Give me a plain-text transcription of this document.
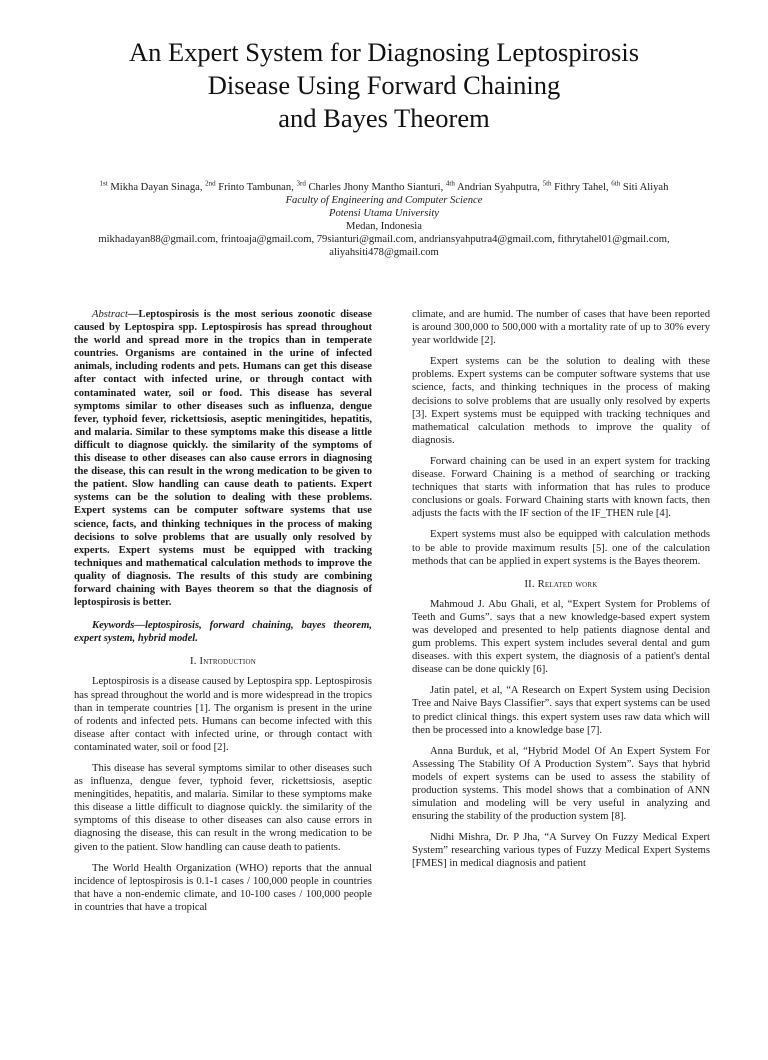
An Expert System for Diagnosing Leptospirosis
Disease Using Forward Chaining
and Bayes Theorem
$^{1st}$ Mikha Dayan Sinaga, $^{2nd}$ Frinto Tambunan, $^{3rd}$ Charles Jhony Mantho Sianturi, $^{4th}$ Andrian Syahputra, $^{5th}$ Fithry Tahel, $^{6th}$ Siti Aliyah
Faculty of Engineering and Computer Science
Potensi Utama University
Medan, Indonesia
mikhadayan88@gmail.com, frintoaja@gmail.com, 79sianturi@gmail.com, andriansyahputra4@gmail.com, fithrytahel01@gmail.com,
aliyahsiti478@gmail.com

Abstract—Leptospirosis is the most serious zoonotic disease caused by Leptospira spp. Leptospirosis has spread throughout the world and spread more in the tropics than in temperate countries. Organisms are contained in the urine of infected animals, including rodents and pets. Humans can get this disease after contact with infected urine, or through contact with contaminated water, soil or food. This disease has several symptoms similar to other diseases such as influenza, dengue fever, typhoid fever, rickettsiosis, aseptic meningitides, hepatitis, and malaria. Similar to these symptoms make this disease a little difficult to diagnose quickly. the similarity of the symptoms of this disease to other diseases can also cause errors in diagnosing the disease, this can result in the wrong medication to be given to the patient. Slow handling can cause death to patients. Expert systems can be the solution to dealing with these problems. Expert systems can be computer software systems that use science, facts, and thinking techniques in the process of making decisions to solve problems that are usually only resolved by experts. Expert systems must be equipped with tracking techniques and mathematical calculation methods to improve the quality of diagnosis. The results of this study are combining forward chaining with Bayes theorem so that the diagnosis of leptospirosis is better.

Keywords—leptospirosis, forward chaining, bayes theorem, expert system, hybrid model.

I. Introduction

Leptospirosis is a disease caused by Leptospira spp. Leptospirosis has spread throughout the world and is more widespread in the tropics than in temperate countries [1]. The organism is present in the urine of rodents and infected pets. Humans can become infected with this disease after contact with infected urine, or through contact with contaminated water, soil or food [2].

This disease has several symptoms similar to other diseases such as influenza, dengue fever, typhoid fever, rickettsiosis, aseptic meningitides, hepatitis, and malaria. Similar to these symptoms make this disease a little difficult to diagnose quickly. the similarity of the symptoms of this disease to other diseases can also cause errors in diagnosing the disease, this can result in the wrong medication to be given to the patient. Slow handling can cause death to patients.

The World Health Organization (WHO) reports that the annual incidence of leptospirosis is 0.1-1 cases / 100,000 people in countries that have a non-endemic climate, and 10-100 cases / 100,000 people in countries that have a tropical

climate, and are humid. The number of cases that have been reported is around 300,000 to 500,000 with a mortality rate of up to 30% every year worldwide [2].

Expert systems can be the solution to dealing with these problems. Expert systems can be computer software systems that use science, facts, and thinking techniques in the process of making decisions to solve problems that are usually only resolved by experts [3]. Expert systems must be equipped with tracking techniques and mathematical calculation methods to improve the quality of diagnosis.

Forward chaining can be used in an expert system for tracking disease. Forward Chaining is a method of searching or tracking techniques that starts with information that has rules to produce conclusions or goals. Forward Chaining starts with known facts, then adjusts the facts with the IF section of the IF_THEN rule [4].

Expert systems must also be equipped with calculation methods to be able to provide maximum results [5]. one of the calculation methods that can be applied in expert systems is the Bayes theorem.

II. Related work

Mahmoud J. Abu Ghali, et al, “Expert System for Problems of Teeth and Gums”. says that a new knowledge-based expert system was developed and presented to help patients diagnose dental and gum problems. This expert system includes several dental and gum diseases. with this expert system, the diagnosis of a patient's dental disease can be done quickly [6].

Jatin patel, et al, “A Research on Expert System using Decision Tree and Naive Bays Classifier”. says that expert systems can be used to predict clinical things. this expert system uses raw data which will then be processed into a knowledge base [7].

Anna Burduk, et al, “Hybrid Model Of An Expert System For Assessing The Stability Of A Production System”. Says that hybrid models of expert systems can be used to assess the stability of production systems. This model shows that a combination of ANN simulation and modeling will be very useful in analyzing and ensuring the stability of the production system [8].

Nidhi Mishra, Dr. P Jha, “A Survey On Fuzzy Medical Expert System” researching various types of Fuzzy Medical Expert Systems [FMES] in medical diagnosis and patient
